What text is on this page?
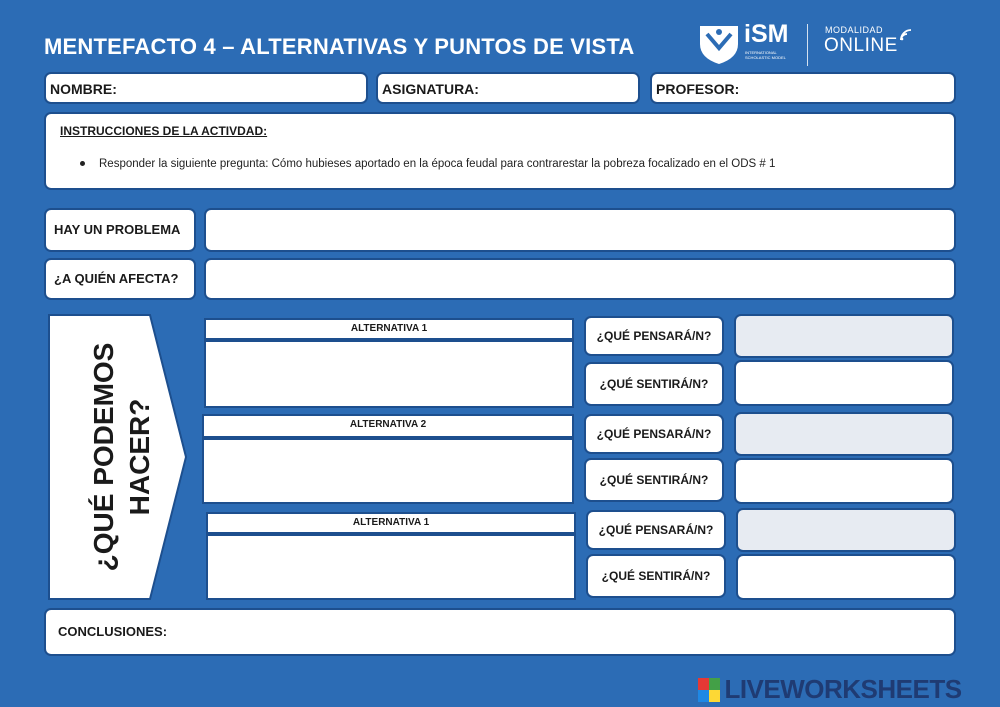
MENTEFACTO 4 – ALTERNATIVAS Y PUNTOS DE VISTA	iSM
INTERNATIONAL SCHOLASTIC MODEL
MODALIDAD
ONLINE
NOMBRE:	ASIGNATURA:	PROFESOR:
INSTRUCCIONES DE LA ACTIVDAD:
Responder la siguiente pregunta: Cómo hubieses aportado en la época feudal para contrarestar la pobreza focalizado en el ODS # 1
HAY UN PROBLEMA
¿A QUIÉN AFECTA?
¿QUÉ PODEMOS HACER?
ALTERNATIVA 1
¿QUÉ PENSARÁ/N?
¿QUÉ SENTIRÁ/N?
ALTERNATIVA 2
¿QUÉ PENSARÁ/N?
¿QUÉ SENTIRÁ/N?
ALTERNATIVA 1
¿QUÉ PENSARÁ/N?
¿QUÉ SENTIRÁ/N?
CONCLUSIONES:
LIVEWORKSHEETS
